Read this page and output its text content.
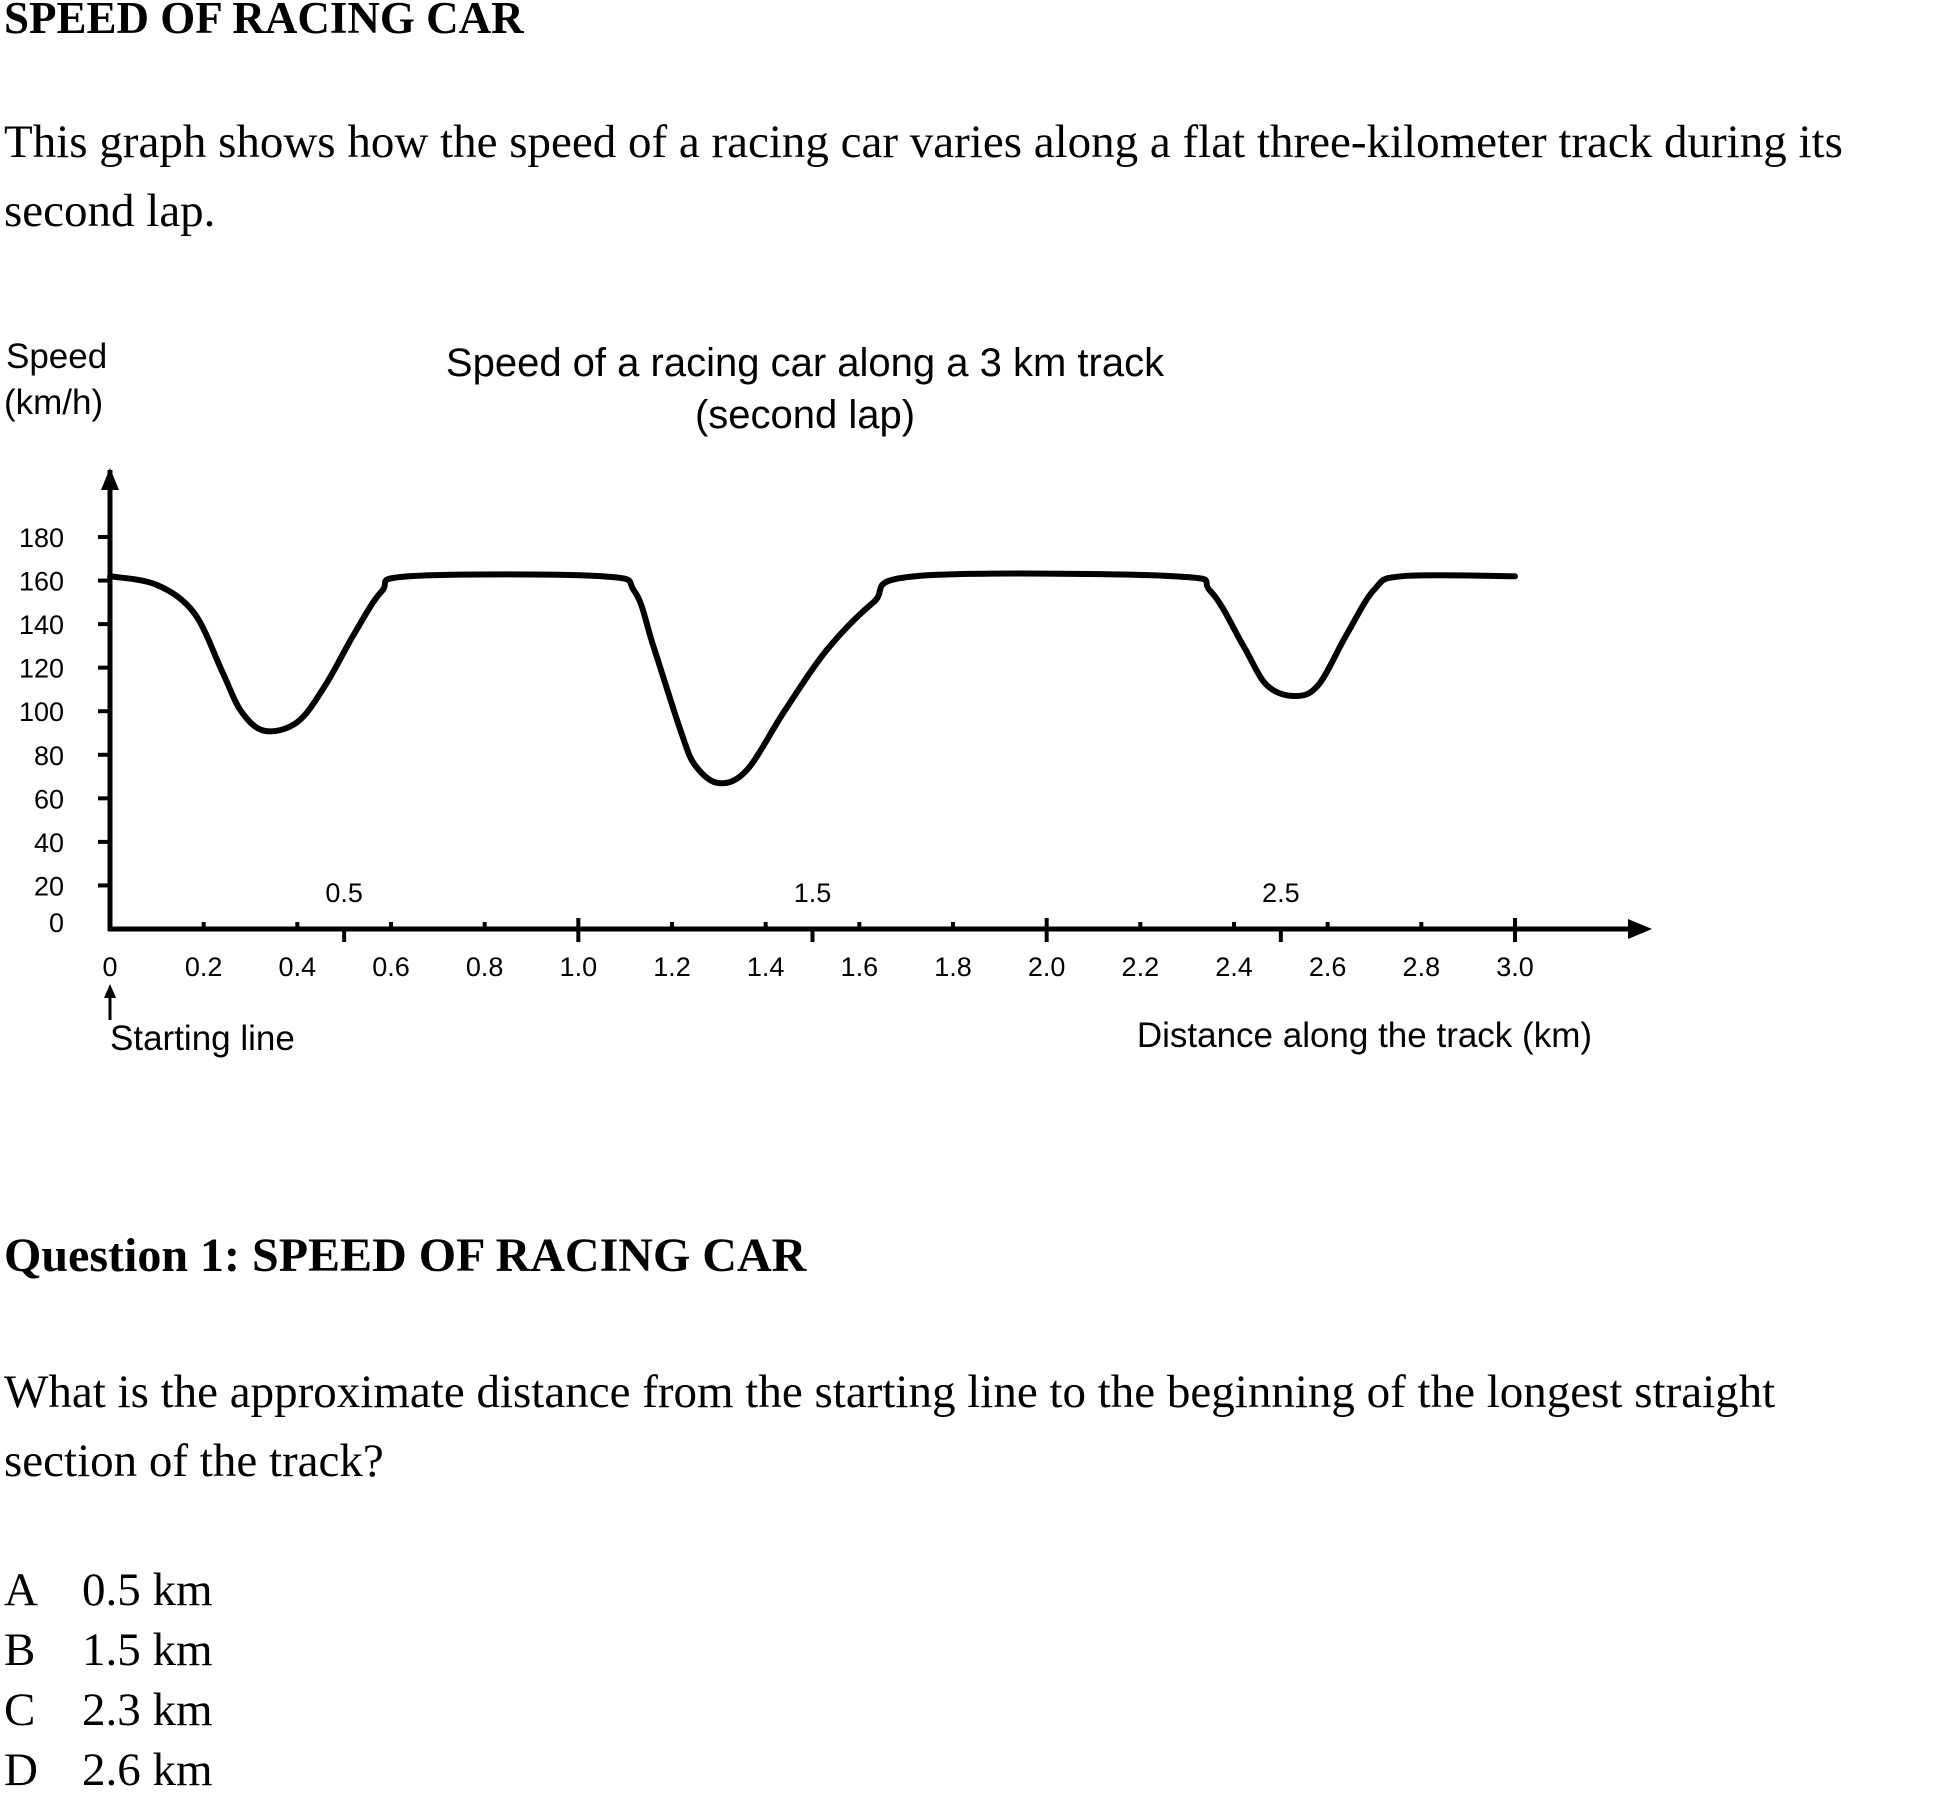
SPEED OF RACING CAR
This graph shows how the speed of a racing car varies along a flat three-kilometer track during its second lap.
Speed
(km/h)
Speed of a racing car along a 3 km track
(second lap)
0
20
40
60
80
100
120
140
160
180
0 0.2 0.4 0.6 0.8 1.0 1.2 1.4 1.6 1.8 2.0 2.2 2.4 2.6 2.8 3.0
0.5	1.5	2.5
Starting line	Distance along the track (km)
Question 1: SPEED OF RACING CAR
What is the approximate distance from the starting line to the beginning of the longest straight section of the track?
A 0.5 km
B 1.5 km
C 2.3 km
D 2.6 km
